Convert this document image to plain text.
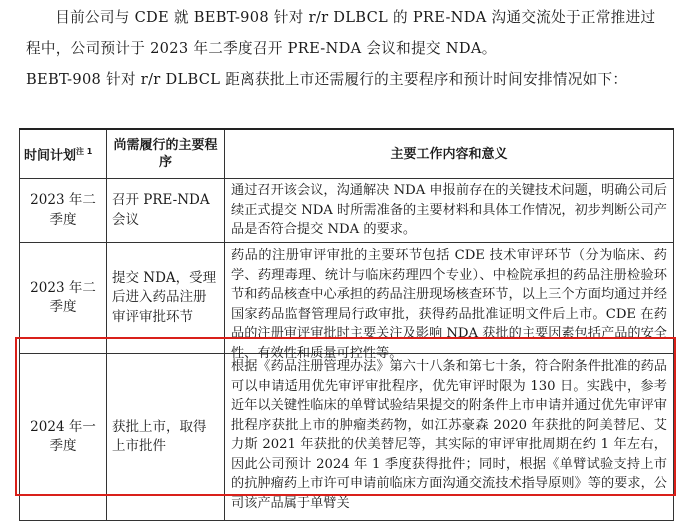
目前公司与 CDE 就 BEBT-908 针对 r/r DLBCL 的 PRE-NDA 沟通交流处于正常推进过程中，公司预计于 2023 年二季度召开 PRE-NDA 会议和提交 NDA。
BEBT-908 针对 r/r DLBCL 距离获批上市还需履行的主要程序和预计时间安排情况如下：
时间计划$^{注 1}$	尚需履行的主要程序	主要工作内容和意义
2023 年二季度	召开 PRE-NDA 会议	通过召开该会议，沟通解决 NDA 申报前存在的关键技术问题，明确公司后续正式提交 NDA 时所需准备的主要材料和具体工作情况，初步判断公司产品是否符合提交 NDA 的要求。
2023 年二季度	提交 NDA，受理后进入药品注册审评审批环节	药品的注册审评审批的主要环节包括 CDE 技术审评环节（分为临床、药学、药理毒理、统计与临床药理四个专业）、中检院承担的药品注册检验环节和药品核查中心承担的药品注册现场核查环节，以上三个方面均通过并经国家药品监督管理局行政审批，获得药品批准证明文件后上市。CDE 在药品的注册审评审批时主要关注及影响 NDA 获批的主要因素包括产品的安全性、有效性和质量可控性等。

2024 年一季度	获批上市，取得上市批件	根据《药品注册管理办法》第六十八条和第七十条，符合附条件批准的药品可以申请适用优先审评审批程序，优先审评时限为 130 日。实践中，参考近年以关键性临床的单臂试验结果提交的附条件上市申请并通过优先审评审批程序获批上市的肿瘤类药物，如江苏豪森 2020 年获批的阿美替尼、艾力斯 2021 年获批的伏美替尼等，其实际的审评审批周期在约 1 年左右，因此公司预计 2024 年 1 季度获得批件；同时，根据《单臂试验支持上市的抗肿瘤药上市许可申请前临床方面沟通交流技术指导原则》等的要求，公司该产品属于单臂关
